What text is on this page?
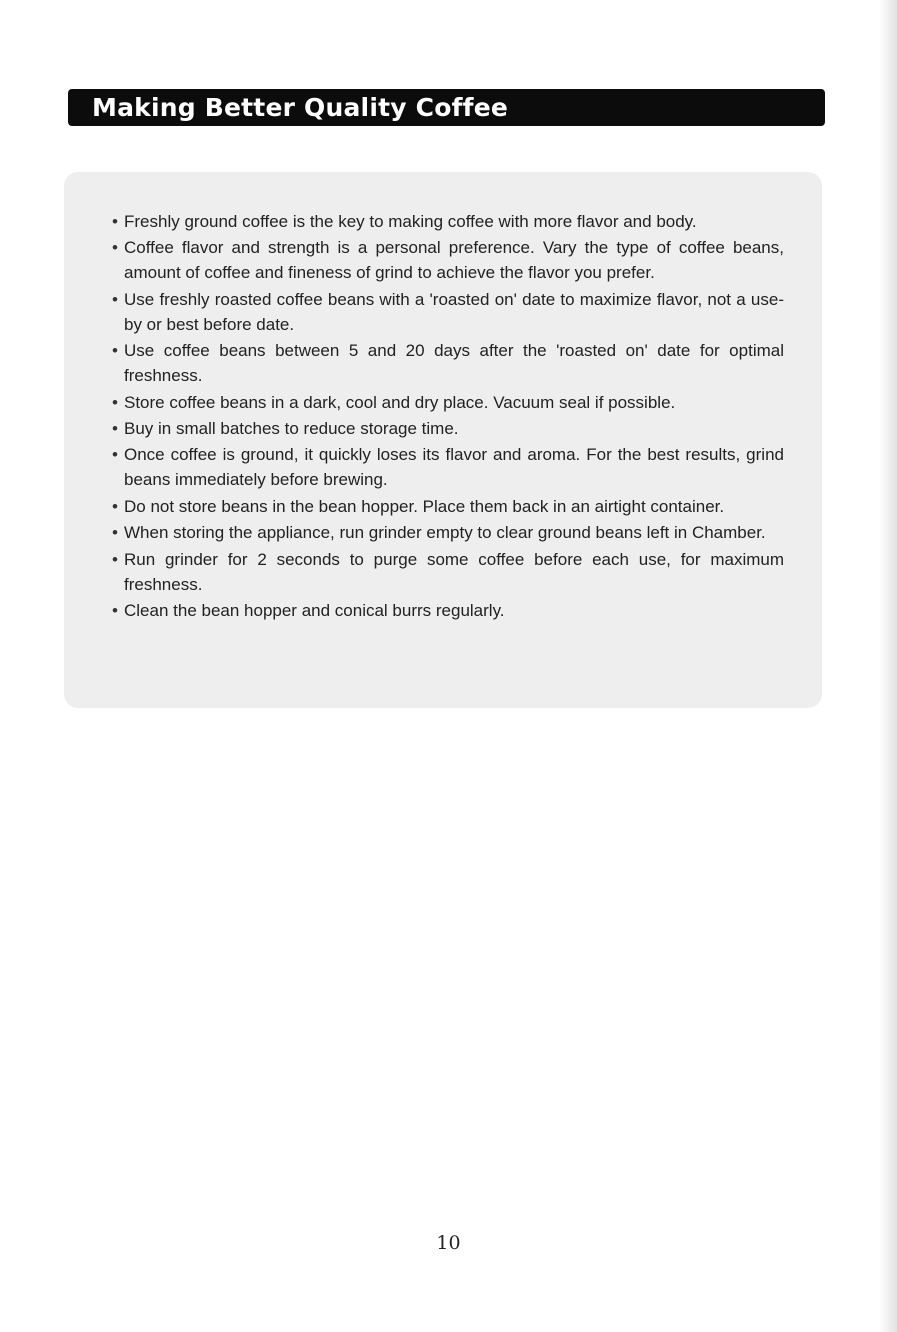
Making Better Quality Coffee
• Freshly ground coffee is the key to making coffee with more flavor and body.
• Coffee flavor and strength is a personal preference. Vary the type of coffee beans, amount of coffee and fineness of grind to achieve the flavor you prefer.
• Use freshly roasted coffee beans with a 'roasted on' date to maximize flavor, not a use-by or best before date.
• Use coffee beans between 5 and 20 days after the 'roasted on' date for optimal freshness.
• Store coffee beans in a dark, cool and dry place. Vacuum seal if possible.
• Buy in small batches to reduce storage time.
• Once coffee is ground, it quickly loses its flavor and aroma. For the best results, grind beans immediately before brewing.
• Do not store beans in the bean hopper. Place them back in an airtight container.
• When storing the appliance, run grinder empty to clear ground beans left in Chamber.
• Run grinder for 2 seconds to purge some coffee before each use, for maximum freshness.
• Clean the bean hopper and conical burrs regularly.
10
